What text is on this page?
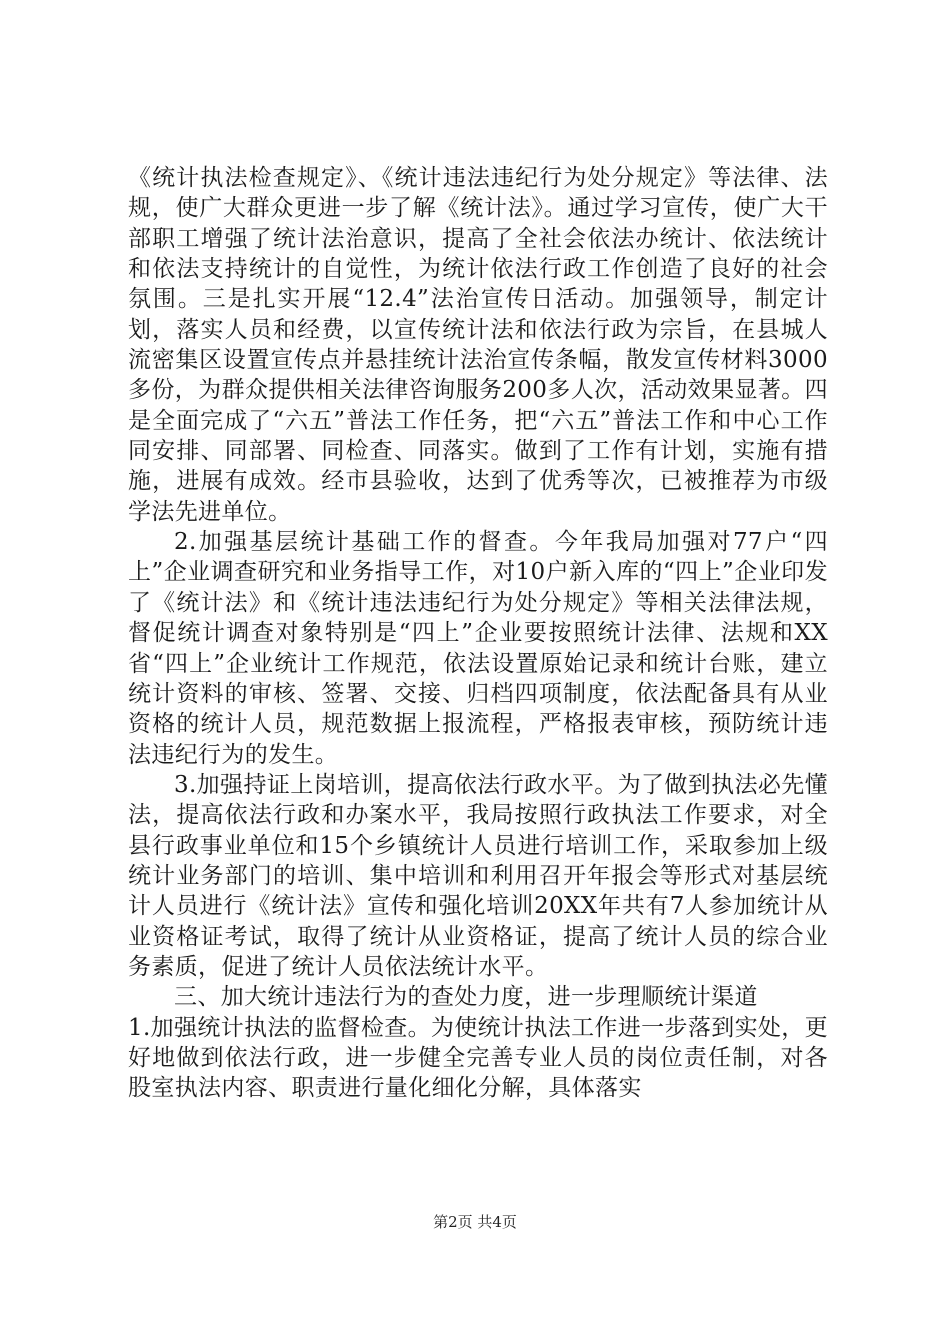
《统计执法检查规定》、《统计违法违纪行为处分规定》等法律、法规，使广大群众更进一步了解《统计法》。通过学习宣传，使广大干部职工增强了统计法治意识，提高了全社会依法办统计、依法统计和依法支持统计的自觉性，为统计依法行政工作创造了良好的社会氛围。三是扎实开展“12.4”法治宣传日活动。加强领导，制定计划，落实人员和经费，以宣传统计法和依法行政为宗旨，在县城人流密集区设置宣传点并悬挂统计法治宣传条幅，散发宣传材料3000多份，为群众提供相关法律咨询服务200多人次，活动效果显著。四是全面完成了“六五”普法工作任务，把“六五”普法工作和中心工作同安排、同部署、同检查、同落实。做到了工作有计划，实施有措施，进展有成效。经市县验收，达到了优秀等次，已被推荐为市级学法先进单位。

2.加强基层统计基础工作的督查。今年我局加强对77户“四上”企业调查研究和业务指导工作，对10户新入库的“四上”企业印发了《统计法》和《统计违法违纪行为处分规定》等相关法律法规，督促统计调查对象特别是“四上”企业要按照统计法律、法规和XX省“四上”企业统计工作规范，依法设置原始记录和统计台账，建立统计资料的审核、签署、交接、归档四项制度，依法配备具有从业资格的统计人员，规范数据上报流程，严格报表审核，预防统计违法违纪行为的发生。

3.加强持证上岗培训，提高依法行政水平。为了做到执法必先懂法，提高依法行政和办案水平，我局按照行政执法工作要求，对全县行政事业单位和15个乡镇统计人员进行培训工作，采取参加上级统计业务部门的培训、集中培训和利用召开年报会等形式对基层统计人员进行《统计法》宣传和强化培训20XX年共有7人参加统计从业资格证考试，取得了统计从业资格证，提高了统计人员的综合业务素质，促进了统计人员依法统计水平。

三、加大统计违法行为的查处力度，进一步理顺统计渠道

1.加强统计执法的监督检查。为使统计执法工作进一步落到实处，更好地做到依法行政，进一步健全完善专业人员的岗位责任制，对各股室执法内容、职责进行量化细化分解，具体落实

第2页 共4页
